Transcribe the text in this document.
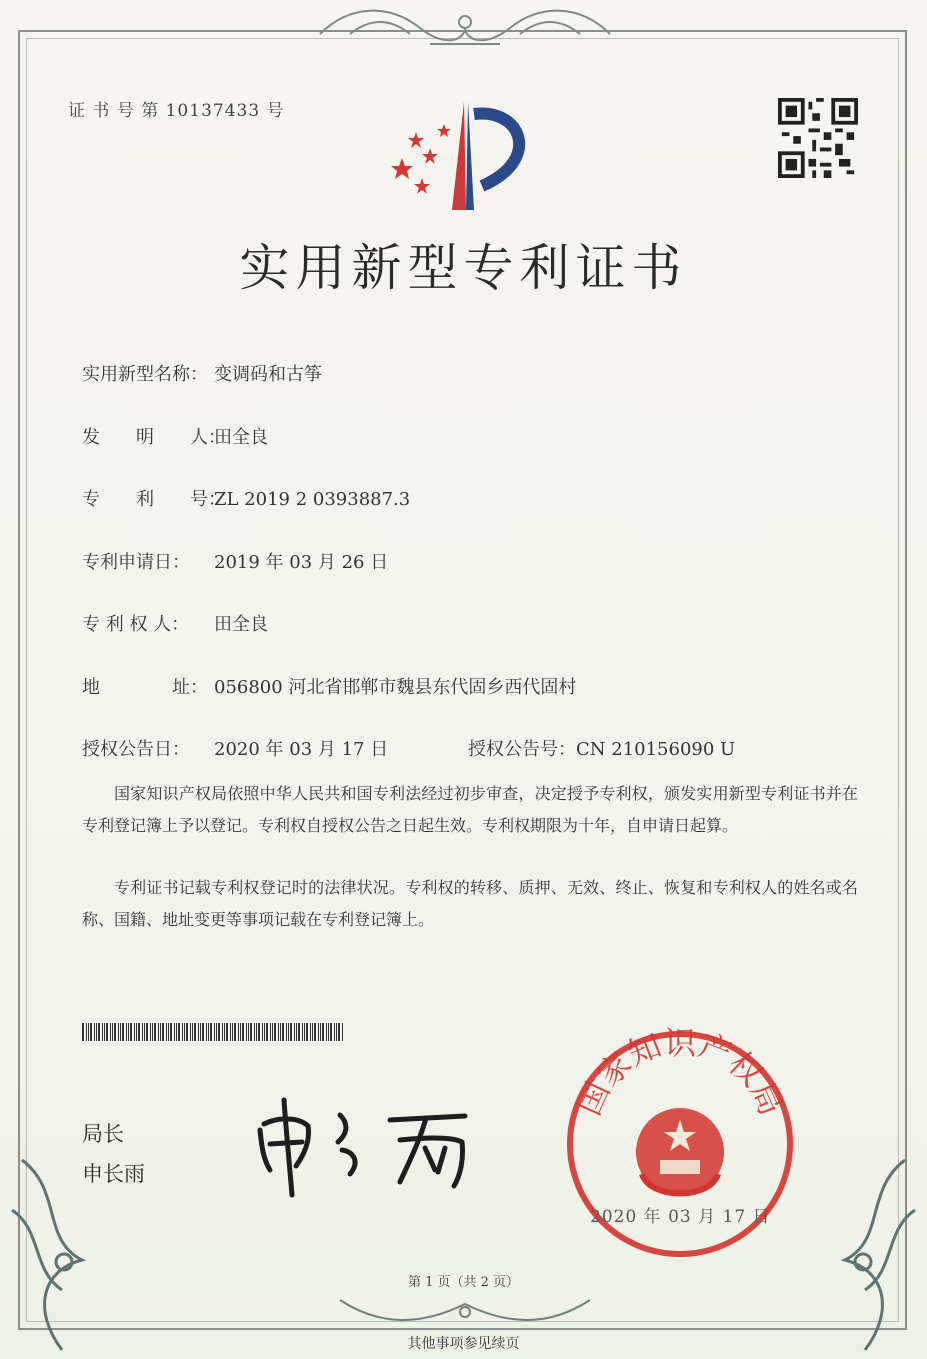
证 书 号 第 10137433 号
实用新型专利证书
实用新型名称： 变调码和古筝
发　　明　　人：田全良
专　　利　　号：ZL 2019 2 0393887.3
专利申请日： 2019 年 03 月 26 日
专 利 权 人： 田全良
地　　　　址： 056800 河北省邯郸市魏县东代固乡西代固村
授权公告日： 2020 年 03 月 17 日	授权公告号：CN 210156090 U
国家知识产权局依照中华人民共和国专利法经过初步审查，决定授予专利权，颁发实用新型专利证书并在专利登记簿上予以登记。专利权自授权公告之日起生效。专利权期限为十年，自申请日起算。
专利证书记载专利权登记时的法律状况。专利权的转移、质押、无效、终止、恢复和专利权人的姓名或名称、国籍、地址变更等事项记载在专利登记簿上。
局长
申长雨
国家知识产权局
2020 年 03 月 17 日
第 1 页（共 2 页）
其他事项参见续页
